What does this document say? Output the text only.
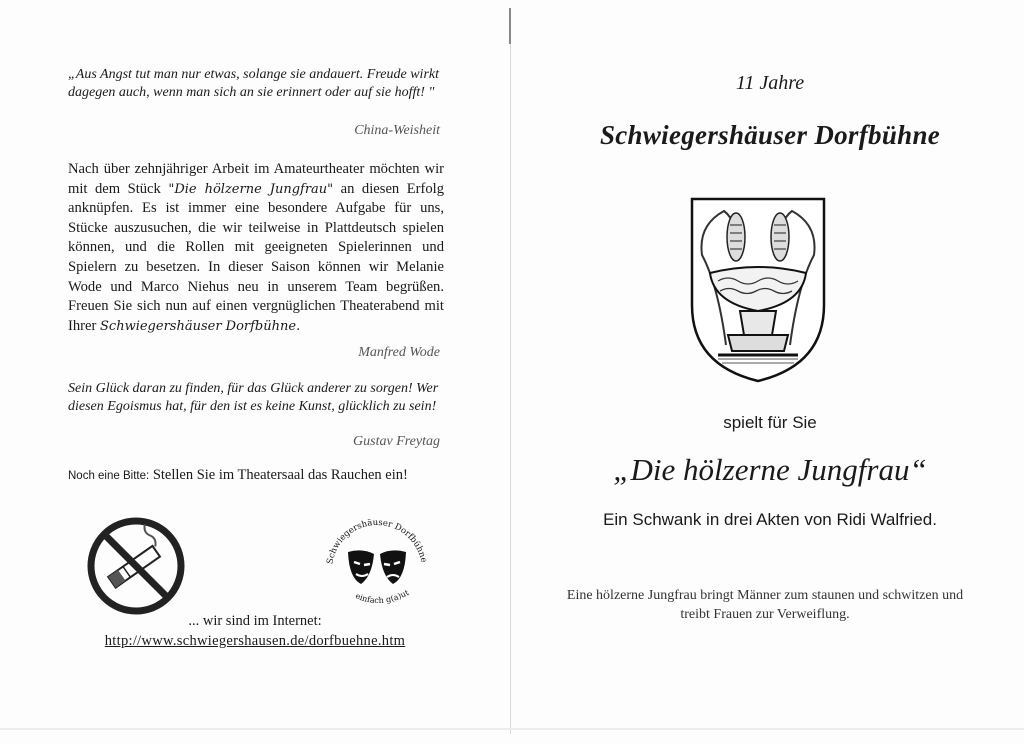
„Aus Angst tut man nur etwas, solange sie andauert. Freude wirkt dagegen auch, wenn man sich an sie erinnert oder auf sie hofft! "
China-Weisheit
Nach über zehnjähriger Arbeit im Amateurtheater möchten wir mit dem Stück "Die hölzerne Jungfrau" an diesen Erfolg anknüpfen. Es ist immer eine besondere Aufgabe für uns, Stücke auszusuchen, die wir teilweise in Plattdeutsch spielen können, und die Rollen mit geeigneten Spielerinnen und Spielern zu besetzen. In dieser Saison können wir Melanie Wode und Marco Niehus neu in unserem Team begrüßen. Freuen Sie sich nun auf einen vergnüglichen Theaterabend mit Ihrer Schwiegershäuser Dorfbühne.
Manfred Wode
Sein Glück daran zu finden, für das Glück anderer zu sorgen! Wer diesen Egoismus hat, für den ist es keine Kunst, glücklich zu sein!
Gustav Freytag
Noch eine Bitte: Stellen Sie im Theatersaal das Rauchen ein!
Schwiegershäuser Dorfbühne
einfach g(a)ut
... wir sind im Internet:
http://www.schwiegershausen.de/dorfbuehne.htm
11 Jahre
Schwiegershäuser Dorfbühne
spielt für Sie
„Die hölzerne Jungfrau“
Ein Schwank in drei Akten von Ridi Walfried.
Eine hölzerne Jungfrau bringt Männer zum staunen und schwitzen und treibt Frauen zur Verweiflung.
